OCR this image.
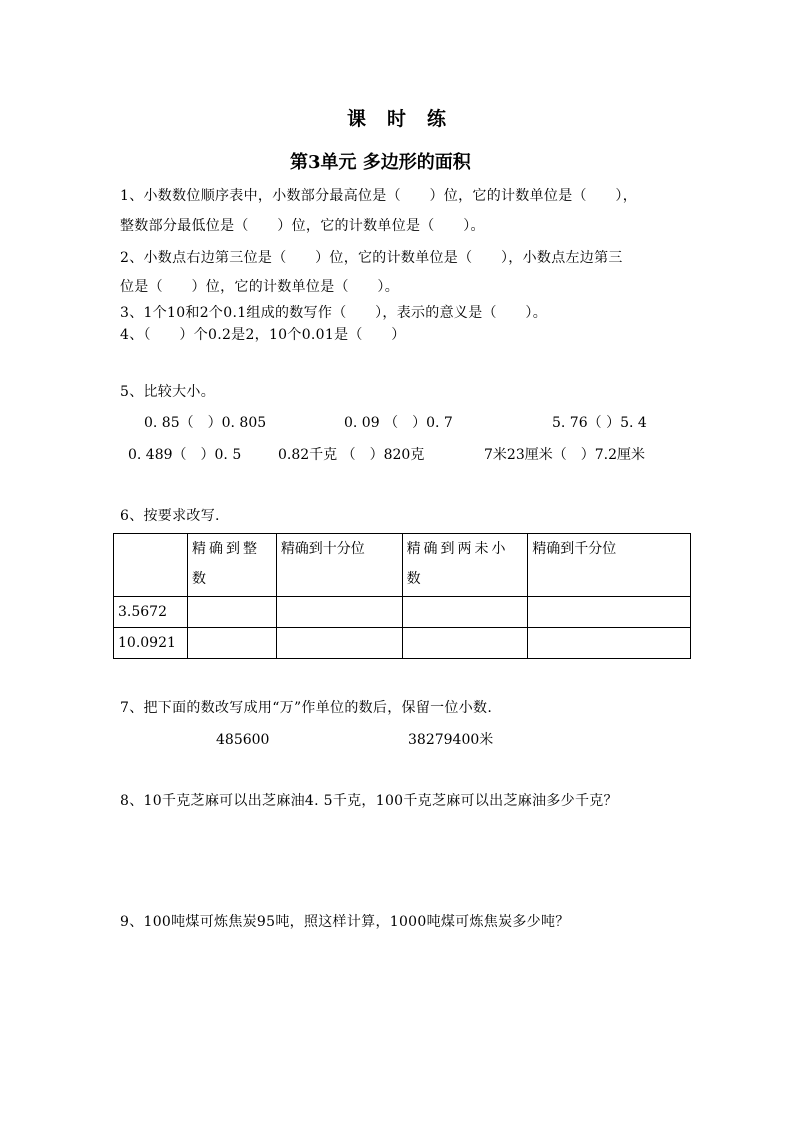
课　时　练
第3单元 多边形的面积
1、小数数位顺序表中，小数部分最高位是（　　）位，它的计数单位是（　　），
整数部分最低位是（　　）位，它的计数单位是（　　）。
2、小数点右边第三位是（　　）位，它的计数单位是（　　），小数点左边第三
位是（　　）位，它的计数单位是（　　）。
3、1个10和2个0.1组成的数写作（　　），表示的意义是（　　）。
4、（　　）个0.2是2，10个0.01是（　　）
5、比较大小。
0. 85（　）0. 805	0. 09 （　）0. 7	5. 76（ ）5. 4
0. 489（　）0. 5	0.82千克 （　）820克	7米23厘米（　）7.2厘米
6、按要求改写.
	精确到整数	精确到十分位	精确到两未小数	精确到千分位
3.5672				
10.0921				
7、把下面的数改写成用“万”作单位的数后，保留一位小数.
485600	38279400米
8、10千克芝麻可以出芝麻油4. 5千克，100千克芝麻可以出芝麻油多少千克？
9、100吨煤可炼焦炭95吨，照这样计算，1000吨煤可炼焦炭多少吨？
